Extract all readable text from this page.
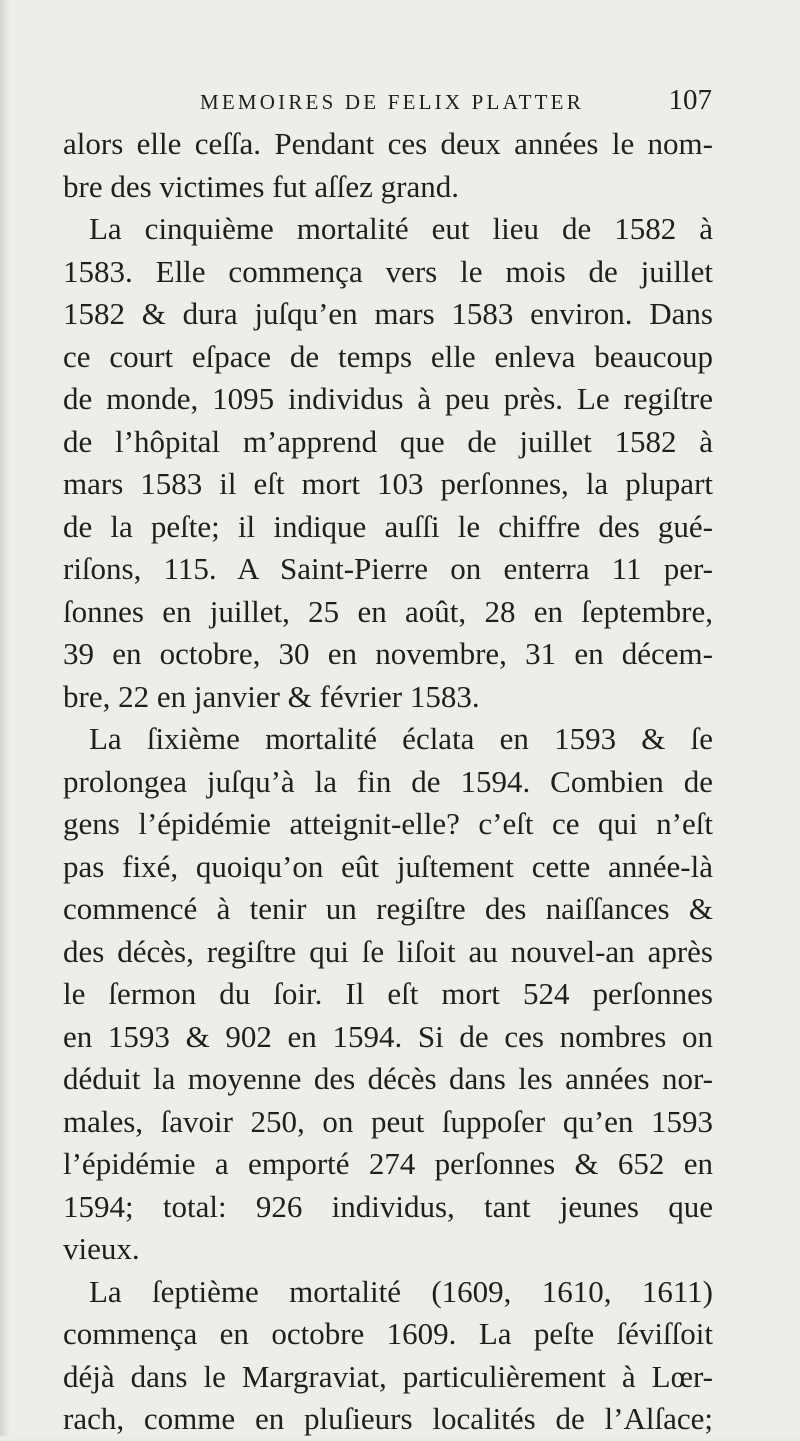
MEMOIRES DE FELIX PLATTER	107
alors elle ceſſa. Pendant ces deux années le nom-
bre des victimes fut aſſez grand.
La cinquième mortalité eut lieu de 1582 à
1583. Elle commença vers le mois de juillet
1582 & dura juſqu’en mars 1583 environ. Dans
ce court eſpace de temps elle enleva beaucoup
de monde, 1095 individus à peu près. Le regiſtre
de l’hôpital m’apprend que de juillet 1582 à
mars 1583 il eſt mort 103 perſonnes, la plupart
de la peſte; il indique auſſi le chiffre des gué-
riſons, 115. A Saint-Pierre on enterra 11 per-
ſonnes en juillet, 25 en août, 28 en ſeptembre,
39 en octobre, 30 en novembre, 31 en décem-
bre, 22 en janvier & février 1583.
La ſixième mortalité éclata en 1593 & ſe
prolongea juſqu’à la fin de 1594. Combien de
gens l’épidémie atteignit-elle? c’eſt ce qui n’eſt
pas fixé, quoiqu’on eût juſtement cette année-là
commencé à tenir un regiſtre des naiſſances &
des décès, regiſtre qui ſe liſoit au nouvel-an après
le ſermon du ſoir. Il eſt mort 524 perſonnes
en 1593 & 902 en 1594. Si de ces nombres on
déduit la moyenne des décès dans les années nor-
males, ſavoir 250, on peut ſuppoſer qu’en 1593
l’épidémie a emporté 274 perſonnes & 652 en
1594; total: 926 individus, tant jeunes que
vieux.
La ſeptième mortalité (1609, 1610, 1611)
commença en octobre 1609. La peſte ſéviſſoit
déjà dans le Margraviat, particulièrement à Lœr-
rach, comme en pluſieurs localités de l’Alſace;
